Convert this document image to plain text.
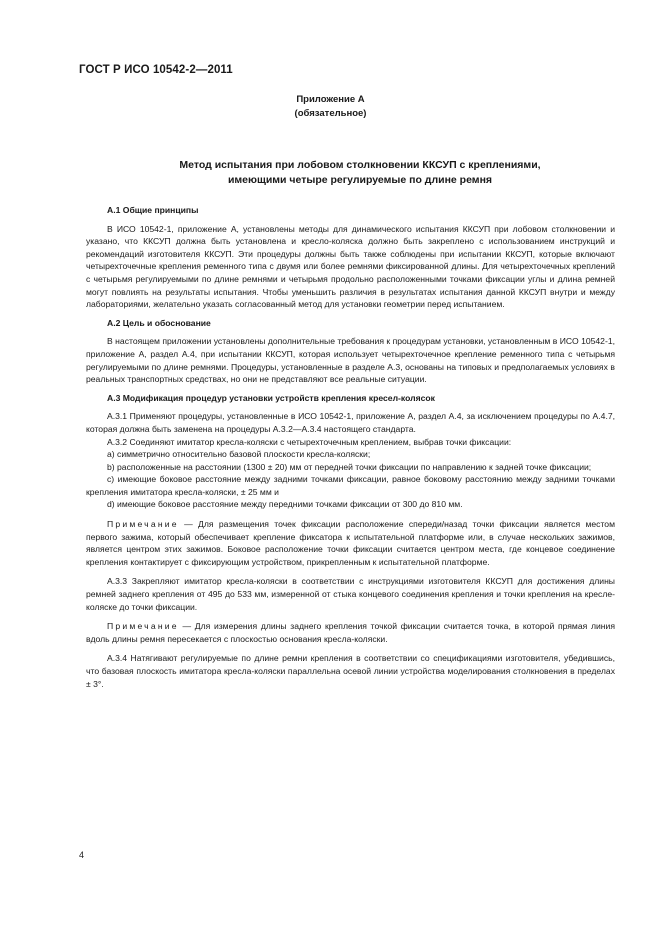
ГОСТ Р ИСО 10542-2—2011
Приложение А
(обязательное)
Метод испытания при лобовом столкновении ККСУП с креплениями,
имеющими четыре регулируемые по длине ремня

А.1 Общие принципы

В ИСО 10542-1, приложение А, установлены методы для динамического испытания ККСУП при лобовом столкновении и указано, что ККСУП должна быть установлена и кресло-коляска должно быть закреплено с использованием инструкций и рекомендаций изготовителя ККСУП. Эти процедуры должны быть также соблюдены при испытании ККСУП, которые включают четырехточечные крепления ременного типа с двумя или более ремнями фиксированной длины. Для четырехточечных креплений с четырьмя регулируемыми по длине ремнями и четырьмя продольно расположенными точками фиксации углы и длина ремней могут повлиять на результаты испытания. Чтобы уменьшить различия в результатах испытания данной ККСУП внутри и между лабораториями, желательно указать согласованный метод для установки геометрии перед испытанием.

А.2 Цель и обоснование

В настоящем приложении установлены дополнительные требования к процедурам установки, установленным в ИСО 10542-1, приложение А, раздел А.4, при испытании ККСУП, которая использует четырехточечное крепление ременного типа с четырьмя регулируемыми по длине ремнями. Процедуры, установленные в разделе А.3, основаны на типовых и предполагаемых условиях в реальных транспортных средствах, но они не представляют все реальные ситуации.

А.3 Модификация процедур установки устройств крепления кресел-колясок

А.3.1 Применяют процедуры, установленные в ИСО 10542-1, приложение А, раздел А.4, за исключением процедуры по А.4.7, которая должна быть заменена на процедуры А.3.2—А.3.4 настоящего стандарта.

А.3.2 Соединяют имитатор кресла-коляски с четырехточечным креплением, выбрав точки фиксации:

а) симметрично относительно базовой плоскости кресла-коляски;

b) расположенные на расстоянии (1300 ± 20) мм от передней точки фиксации по направлению к задней точке фиксации;

с) имеющие боковое расстояние между задними точками фиксации, равное боковому расстоянию между задними точками крепления имитатора кресла-коляски, ± 25 мм и

d) имеющие боковое расстояние между передними точками фиксации от 300 до 810 мм.

Примечание — Для размещения точек фиксации расположение спереди/назад точки фиксации является местом первого зажима, который обеспечивает крепление фиксатора к испытательной платформе или, в случае нескольких зажимов, является центром этих зажимов. Боковое расположение точки фиксации считается центром места, где концевое соединение крепления контактирует с фиксирующим устройством, прикрепленным к испытательной платформе.

А.3.3 Закрепляют имитатор кресла-коляски в соответствии с инструкциями изготовителя ККСУП для достижения длины ремней заднего крепления от 495 до 533 мм, измеренной от стыка концевого соединения крепления и точки крепления на кресле-коляске до точки фиксации.

Примечание — Для измерения длины заднего крепления точкой фиксации считается точка, в которой прямая линия вдоль длины ремня пересекается с плоскостью основания кресла-коляски.

А.3.4 Натягивают регулируемые по длине ремни крепления в соответствии со спецификациями изготовителя, убедившись, что базовая плоскость имитатора кресла-коляски параллельна осевой линии устройства моделирования столкновения в пределах ± 3°.

4
